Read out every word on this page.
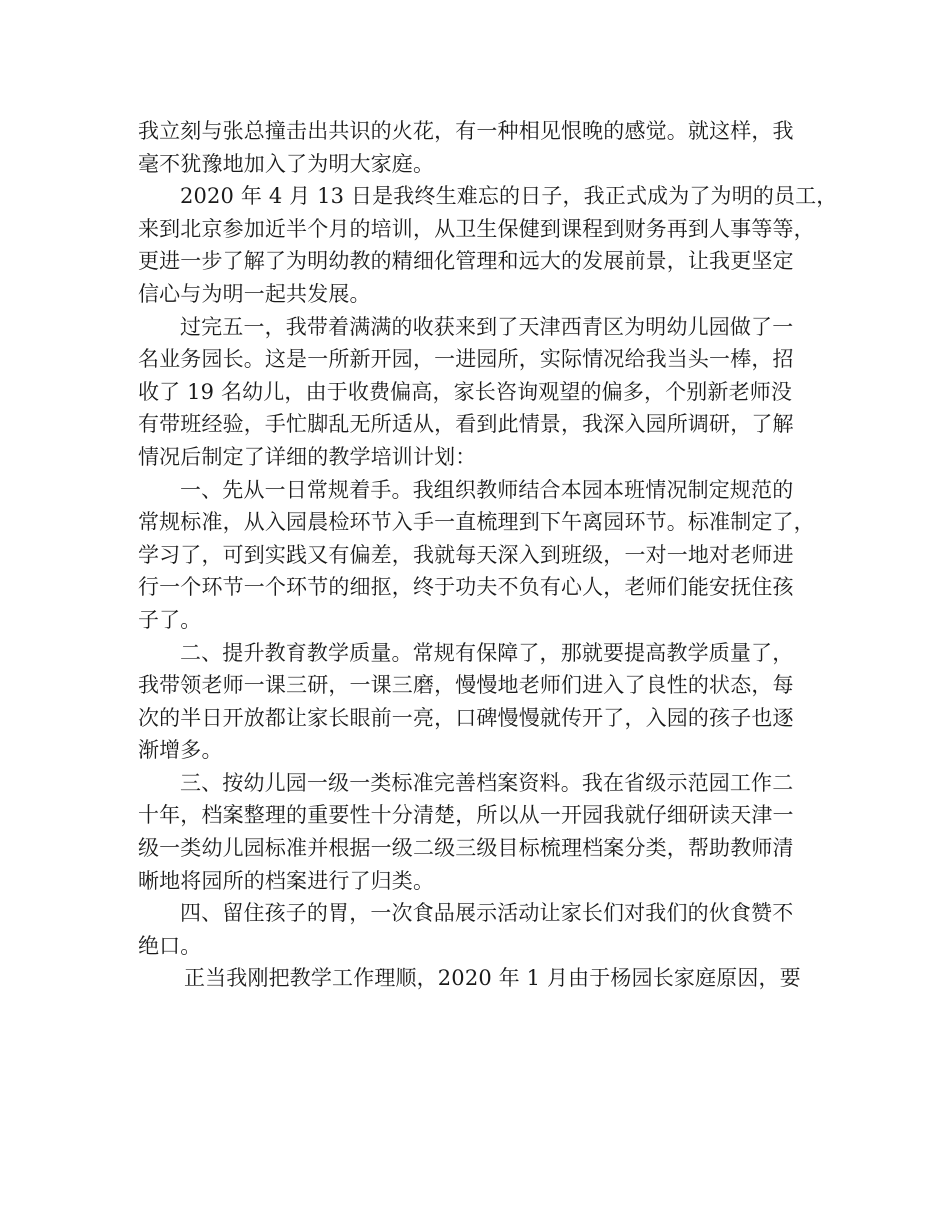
我立刻与张总撞击出共识的火花，有一种相见恨晚的感觉。就这样，我
毫不犹豫地加入了为明大家庭。
2020 年 4 月 13 日是我终生难忘的日子，我正式成为了为明的员工，
来到北京参加近半个月的培训，从卫生保健到课程到财务再到人事等等，
更进一步了解了为明幼教的精细化管理和远大的发展前景，让我更坚定
信心与为明一起共发展。
过完五一，我带着满满的收获来到了天津西青区为明幼儿园做了一
名业务园长。这是一所新开园，一进园所，实际情况给我当头一棒，招
收了 19 名幼儿，由于收费偏高，家长咨询观望的偏多，个别新老师没
有带班经验，手忙脚乱无所适从，看到此情景，我深入园所调研，了解
情况后制定了详细的教学培训计划：
一、先从一日常规着手。我组织教师结合本园本班情况制定规范的
常规标准，从入园晨检环节入手一直梳理到下午离园环节。标准制定了，
学习了，可到实践又有偏差，我就每天深入到班级，一对一地对老师进
行一个环节一个环节的细抠，终于功夫不负有心人，老师们能安抚住孩
子了。
二、提升教育教学质量。常规有保障了，那就要提高教学质量了，
我带领老师一课三研，一课三磨，慢慢地老师们进入了良性的状态，每
次的半日开放都让家长眼前一亮，口碑慢慢就传开了，入园的孩子也逐
渐增多。
三、按幼儿园一级一类标准完善档案资料。我在省级示范园工作二
十年，档案整理的重要性十分清楚，所以从一开园我就仔细研读天津一
级一类幼儿园标准并根据一级二级三级目标梳理档案分类，帮助教师清
晰地将园所的档案进行了归类。
四、留住孩子的胃，一次食品展示活动让家长们对我们的伙食赞不
绝口。
正当我刚把教学工作理顺，2020 年 1 月由于杨园长家庭原因，要
